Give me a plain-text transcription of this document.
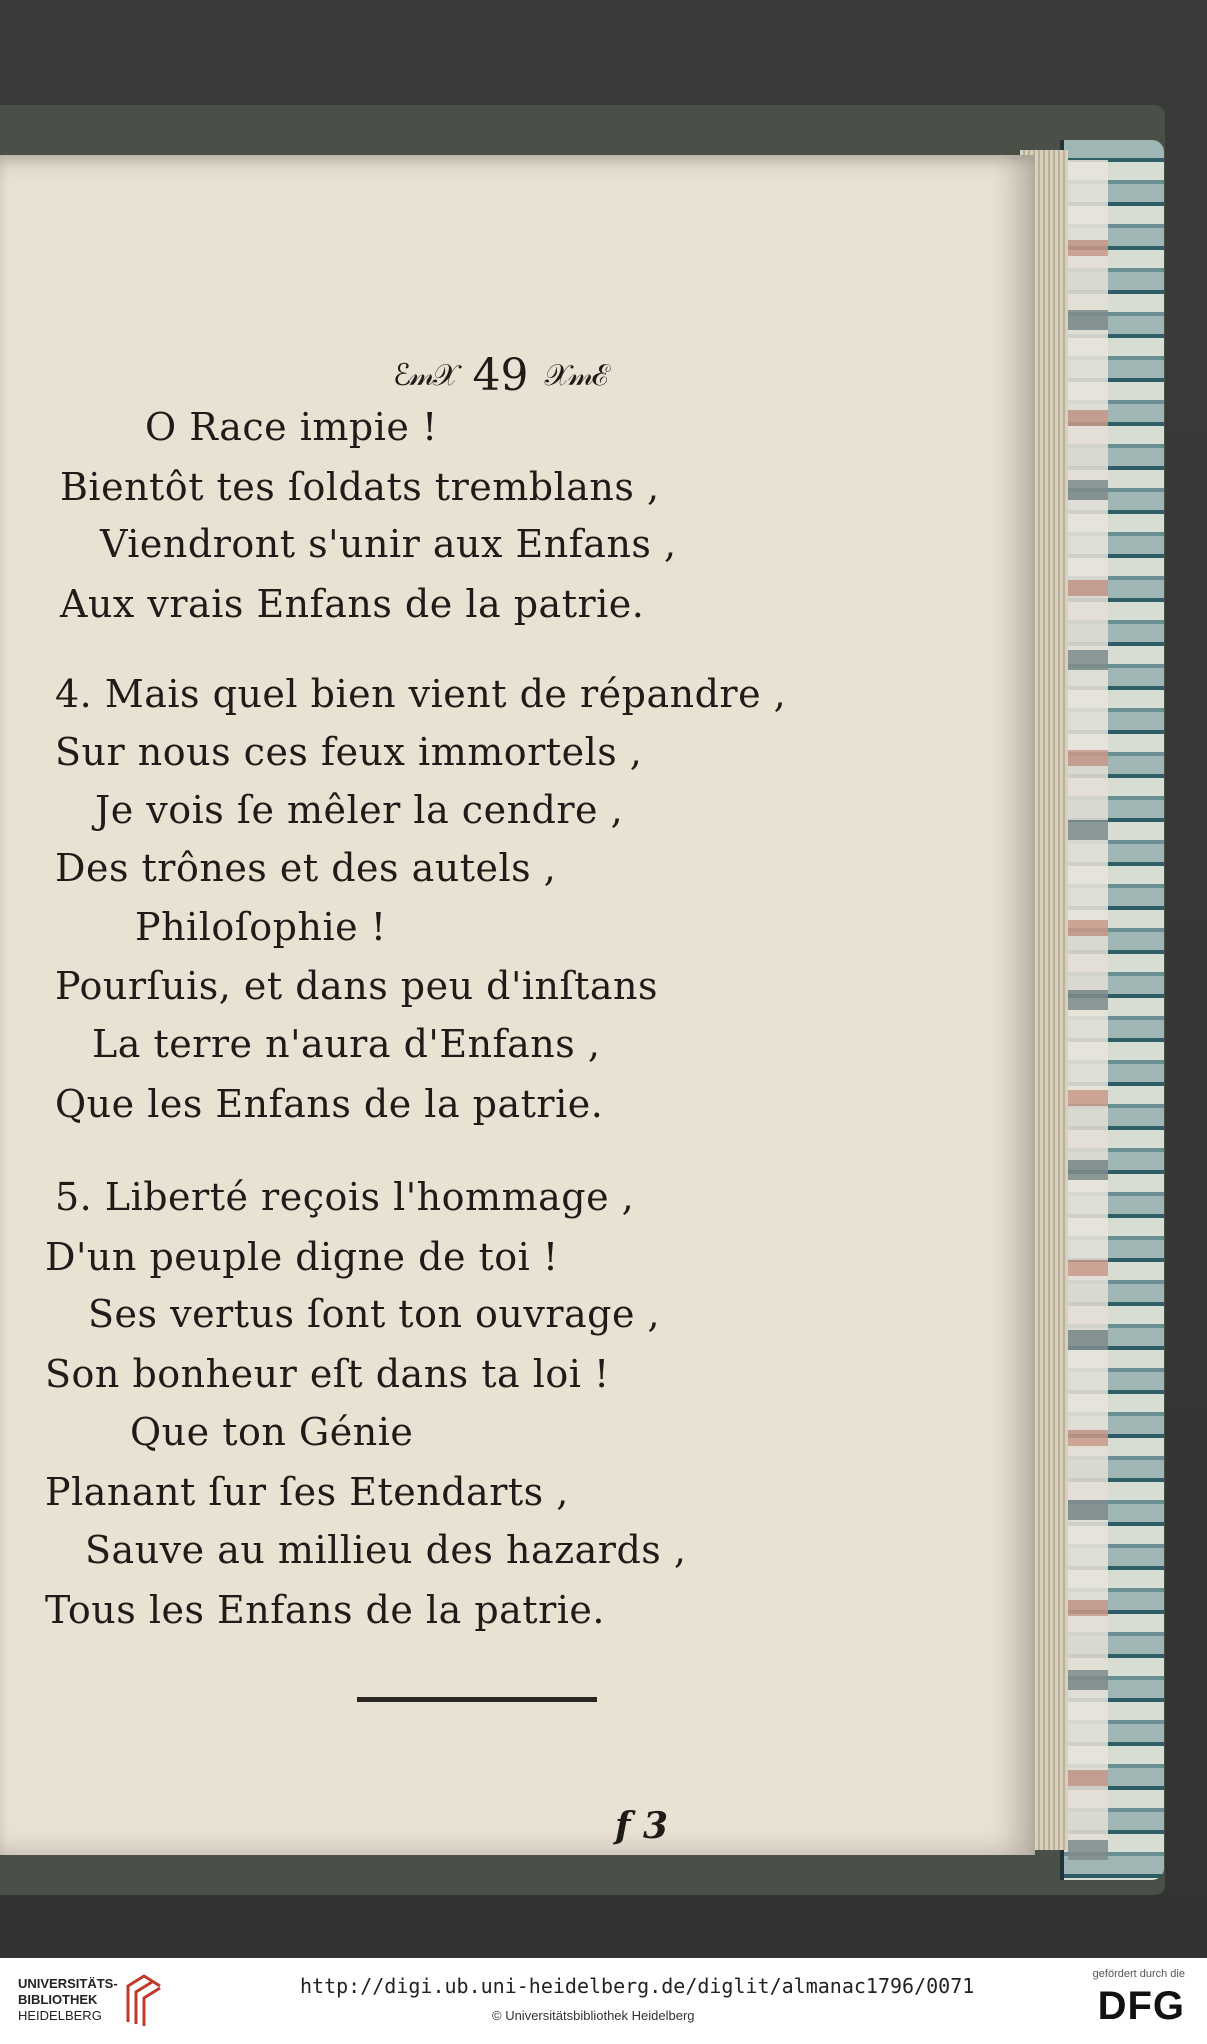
ℰ𝓂𝒳 49 𝒳𝓂ℰ
O Race impie !
Bientôt tes ſoldats tremblans ,
Viendront s'unir aux Enfans ,
Aux vrais Enfans de la patrie.
4. Mais quel bien vient de répandre ,
Sur nous ces feux immortels ,
Je vois ſe mêler la cendre ,
Des trônes et des autels ,
Philoſophie !
Pourſuis, et dans peu d'inſtans
La terre n'aura d'Enfans ,
Que les Enfans de la patrie.
5. Liberté reçois l'hommage ,
D'un peuple digne de toi !
Ses vertus ſont ton ouvrage ,
Son bonheur eſt dans ta loi !
Que ton Génie
Planant ſur ſes Etendarts ,
Sauve au millieu des hazards ,
Tous les Enfans de la patrie.
f 3
UNIVERSITÄTS-
BIBLIOTHEK
HEIDELBERG
http://digi.ub.uni-heidelberg.de/diglit/almanac1796/0071
© Universitätsbibliothek Heidelberg
gefördert durch die
DFG
